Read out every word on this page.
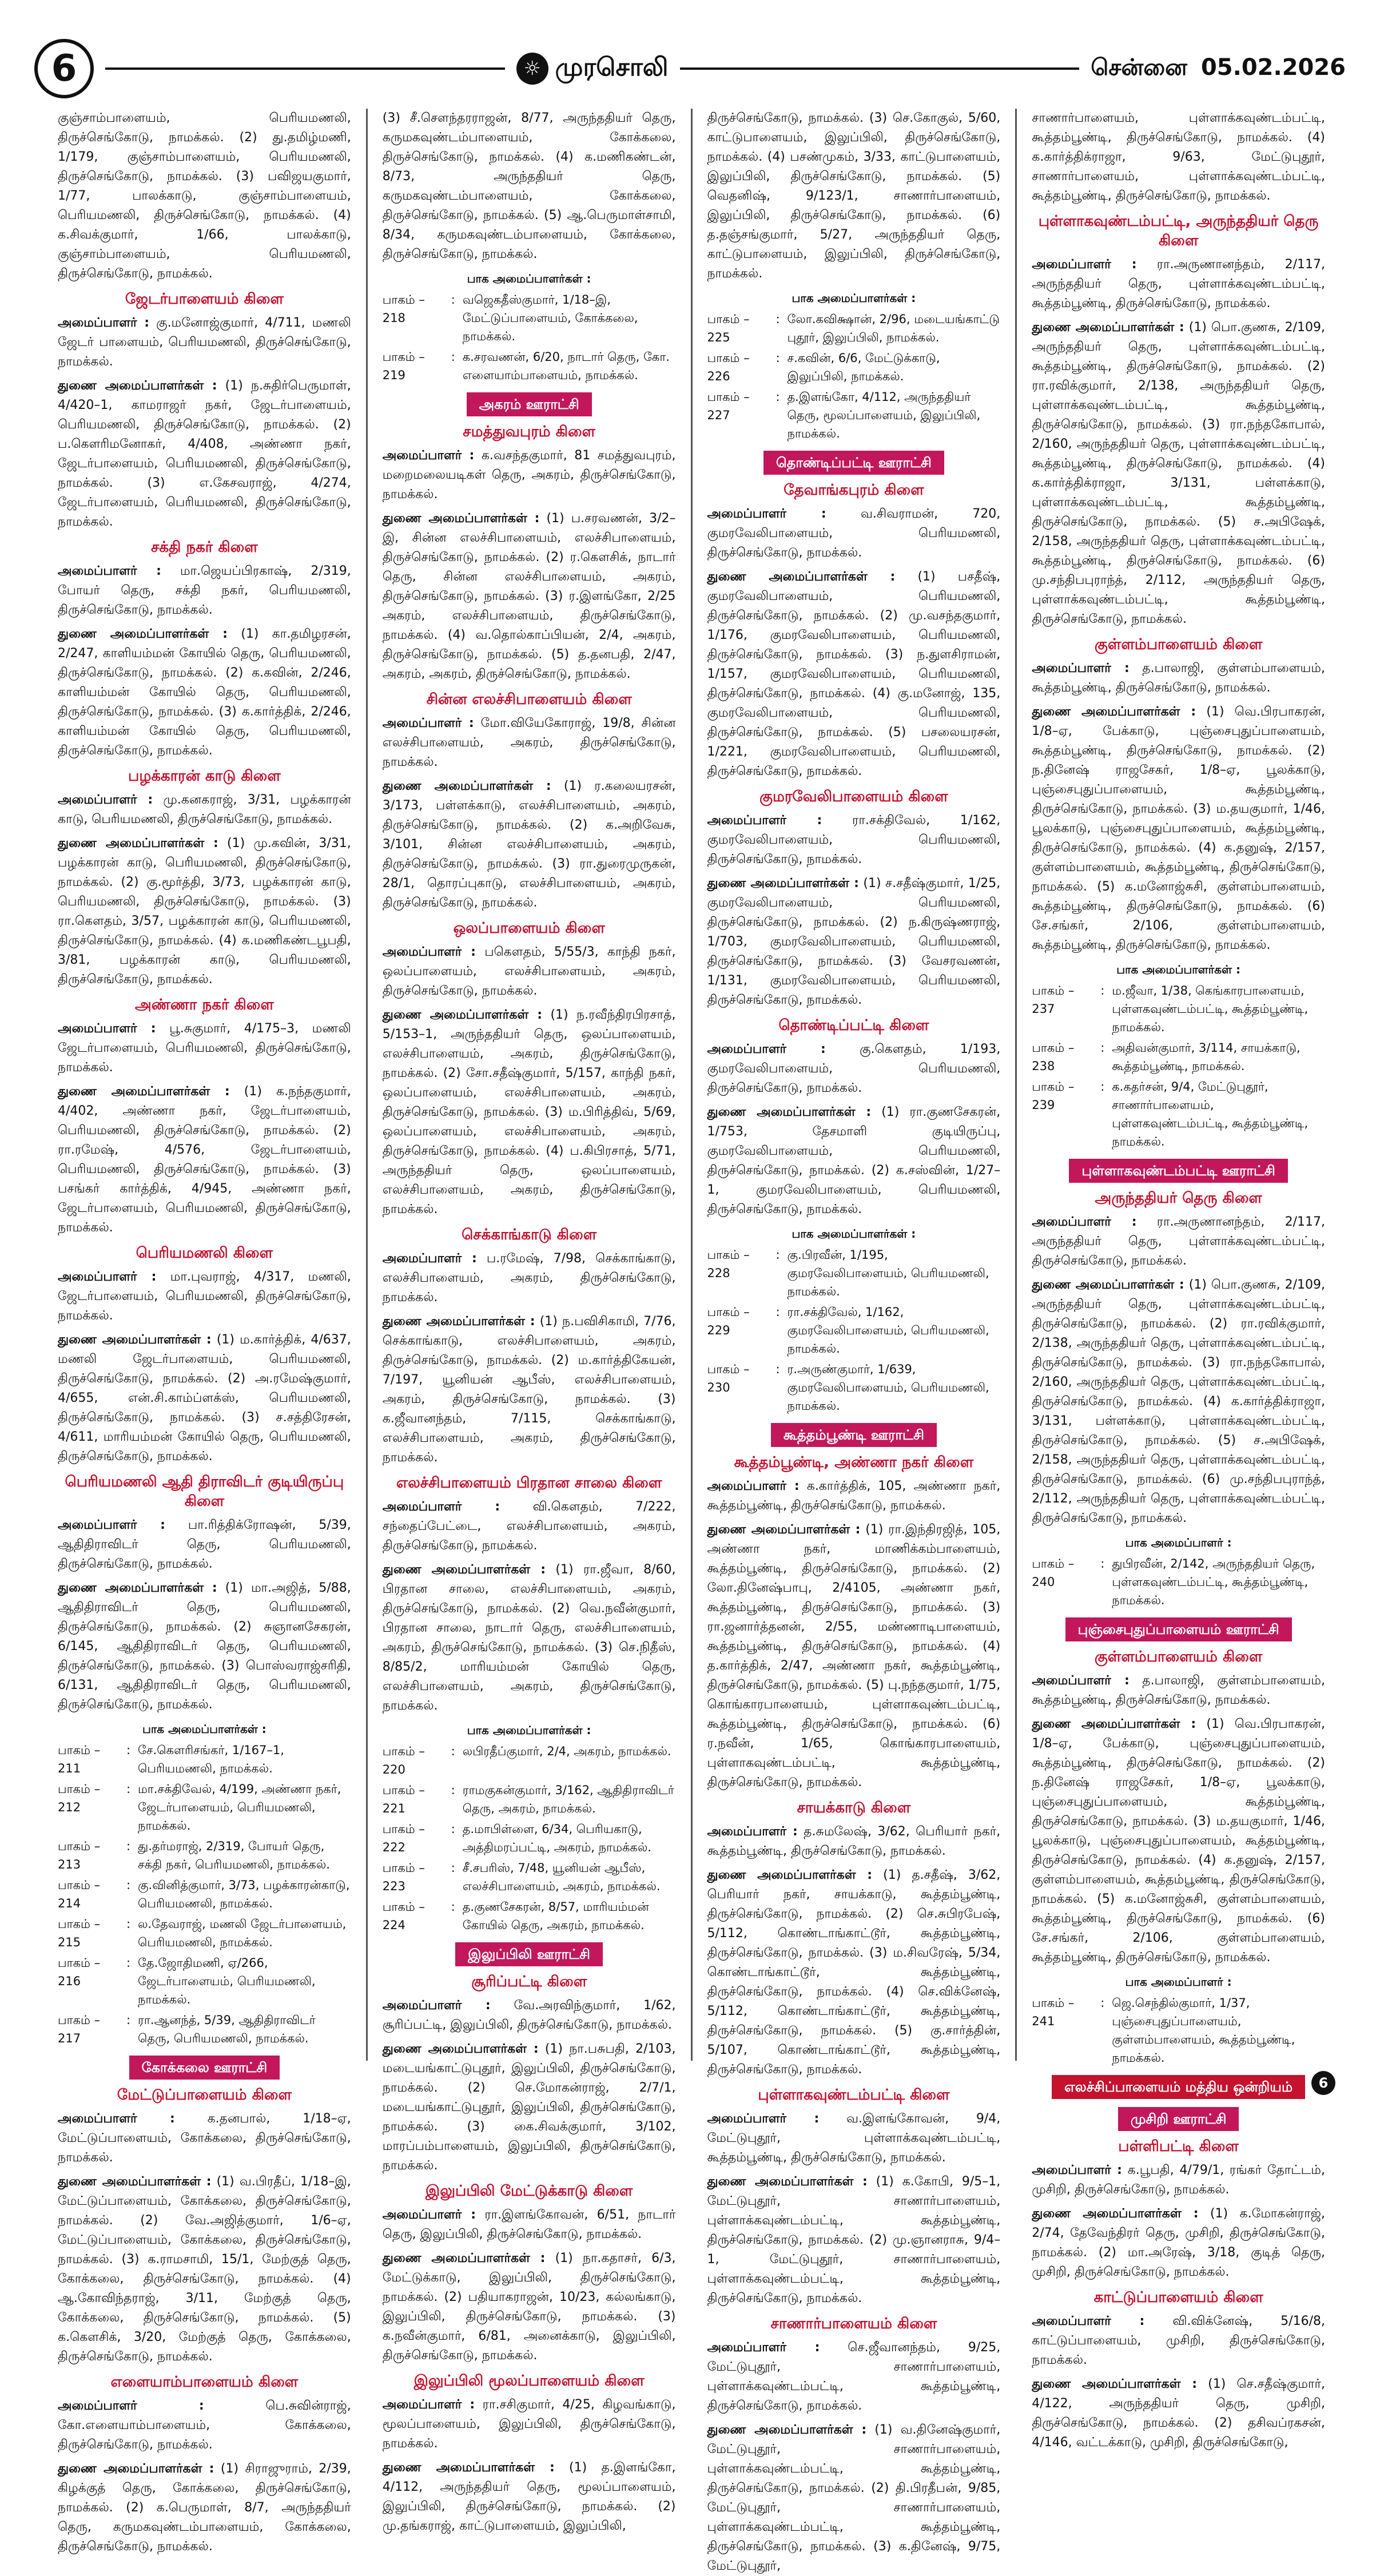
6	☼ முரசொலி	சென்னை 05.02.2026

குஞ்சாம்பாளையம், பெரியமணலி, திருச்செங்கோடு, நாமக்கல். (2) து.தமிழ்மணி, 1/179, குஞ்சாம்பாளையம், பெரியமணலி, திருச்செங்கோடு, நாமக்கல். (3) பவிஜயகுமார், 1/77, பாலக்காடு, குஞ்சாம்பாளையம், பெரியமணலி, திருச்செங்கோடு, நாமக்கல். (4) க.சிவக்குமார், 1/66, பாலக்காடு, குஞ்சாம்பாளையம், பெரியமணலி, திருச்செங்கோடு, நாமக்கல்.

ஜேடர்பாளையம் கிளை

அமைப்பாளர் : கு.மனோஜ்குமார், 4/711, மணலி ஜேடர் பாளையம், பெரியமணலி, திருச்செங்கோடு, நாமக்கல்.

துணை அமைப்பாளர்கள் : (1) ந.சுதிர்பெருமாள், 4/420–1, காமராஜர் நகர், ஜேடர்பாளையம், பெரியமணலி, திருச்செங்கோடு, நாமக்கல். (2) ப.கௌரிமனோகர், 4/408, அண்ணா நகர், ஜேடர்பாளையம், பெரியமணலி, திருச்செங்கோடு, நாமக்கல். (3) எ.கேசவராஜ், 4/274, ஜேடர்பாளையம், பெரியமணலி, திருச்செங்கோடு, நாமக்கல்.

சக்தி நகர் கிளை

அமைப்பாளர் : மா.ஜெயப்பிரகாஷ், 2/319, போயர் தெரு, சக்தி நகர், பெரியமணலி, திருச்செங்கோடு, நாமக்கல்.

துணை அமைப்பாளர்கள் : (1) கா.தமிழரசன், 2/247, காளியம்மன் கோயில் தெரு, பெரியமணலி, திருச்செங்கோடு, நாமக்கல். (2) க.கவின், 2/246, காளியம்மன் கோயில் தெரு, பெரியமணலி, திருச்செங்கோடு, நாமக்கல். (3) க.கார்த்திக், 2/246, காளியம்மன் கோயில் தெரு, பெரியமணலி, திருச்செங்கோடு, நாமக்கல்.

பழக்காரன் காடு கிளை

அமைப்பாளர் : மு.கனகராஜ், 3/31, பழக்காரன் காடு, பெரியமணலி, திருச்செங்கோடு, நாமக்கல்.

துணை அமைப்பாளர்கள் : (1) மு.கவின், 3/31, பழக்காரன் காடு, பெரியமணலி, திருச்செங்கோடு, நாமக்கல். (2) கு.மூர்த்தி, 3/73, பழக்காரன் காடு, பெரியமணலி, திருச்செங்கோடு, நாமக்கல். (3) ரா.கௌதம், 3/57, பழக்காரன் காடு, பெரியமணலி, திருச்செங்கோடு, நாமக்கல். (4) க.மணிகண்டபூபதி, 3/81, பழக்காரன் காடு, பெரியமணலி, திருச்செங்கோடு, நாமக்கல்.

அண்ணா நகர் கிளை

அமைப்பாளர் : பூ.சுகுமார், 4/175–3, மணலி ஜேடர்பாளையம், பெரியமணலி, திருச்செங்கோடு, நாமக்கல்.

துணை அமைப்பாளர்கள் : (1) க.நந்தகுமார், 4/402, அண்ணா நகர், ஜேடர்பாளையம், பெரியமணலி, திருச்செங்கோடு, நாமக்கல். (2) ரா.ரமேஷ், 4/576, ஜேடர்பாளையம், பெரியமணலி, திருச்செங்கோடு, நாமக்கல். (3) பசங்கர் கார்த்திக், 4/945, அண்ணா நகர், ஜேடர்பாளையம், பெரியமணலி, திருச்செங்கோடு, நாமக்கல்.

பெரியமணலி கிளை

அமைப்பாளர் : மா.புவராஜ், 4/317, மணலி, ஜேடர்பாளையம், பெரியமணலி, திருச்செங்கோடு, நாமக்கல்.

துணை அமைப்பாளர்கள் : (1) ம.கார்த்திக், 4/637, மணலி ஜேடர்பாளையம், பெரியமணலி, திருச்செங்கோடு, நாமக்கல். (2) அ.ரமேஷ்குமார், 4/655, என்.சி.காம்ப்ளக்ஸ், பெரியமணலி, திருச்செங்கோடு, நாமக்கல். (3) ச.சத்திரேசன், 4/611, மாரியம்மன் கோயில் தெரு, பெரியமணலி, திருச்செங்கோடு, நாமக்கல்.

பெரியமணலி ஆதி திராவிடர் குடியிருப்பு கிளை

அமைப்பாளர் : பா.ரித்திக்ரோஷன், 5/39, ஆதிதிராவிடர் தெரு, பெரியமணலி, திருச்செங்கோடு, நாமக்கல்.

துணை அமைப்பாளர்கள் : (1) மா.அஜித், 5/88, ஆதிதிராவிடர் தெரு, பெரியமணலி, திருச்செங்கோடு, நாமக்கல். (2) சுஞானசேகரன், 6/145, ஆதிதிராவிடர் தெரு, பெரியமணலி, திருச்செங்கோடு, நாமக்கல். (3) பொஸ்வராஜ்சரிதி, 6/131, ஆதிதிராவிடர் தெரு, பெரியமணலி, திருச்செங்கோடு, நாமக்கல்.

பாக அமைப்பாளர்கள் :
பாகம் – 211
: சே.கௌரிசங்கர், 1/167–1, பெரியமணலி, நாமக்கல்.
பாகம் – 212
: மா.சக்திவேல், 4/199, அண்ணா நகர், ஜேடர்பாளையம், பெரியமணலி, நாமக்கல்.
பாகம் – 213
: து.தர்மராஜ், 2/319, போயர் தெரு, சக்தி நகர், பெரியமணலி, நாமக்கல்.
பாகம் – 214
: கு.வினித்குமார், 3/73, பழக்காரன்காடு, பெரியமணலி, நாமக்கல்.
பாகம் – 215
: ல.தேவராஜ், மணலி ஜேடர்பாளையம், பெரியமணலி, நாமக்கல்.
பாகம் – 216
: தே.ஜோதிமணி, ஏ/266, ஜேடர்பாளையம், பெரியமணலி, நாமக்கல்.
பாகம் – 217
: ரா.ஆனந்த், 5/39, ஆதிதிராவிடர் தெரு, பெரியமணலி, நாமக்கல்.
கோக்கலை ஊராட்சி
மேட்டுப்பாளையம் கிளை

அமைப்பாளர் :	க.தனபால், 1/18–ஏ, மேட்டுப்பாளையம், கோக்கலை, திருச்செங்கோடு, நாமக்கல்.

துணை அமைப்பாளர்கள் : (1) வ.பிரதீப், 1/18–இ, மேட்டுப்பாளையம், கோக்கலை, திருச்செங்கோடு, நாமக்கல். (2) வே.அஜித்குமார், 1/6–ஏ, மேட்டுப்பாளையம், கோக்கலை, திருச்செங்கோடு, நாமக்கல். (3) க.ராமசாமி, 15/1, மேற்குத் தெரு, கோக்கலை, திருச்செங்கோடு, நாமக்கல். (4) ஆ.கோவிந்தராஜ், 3/11, மேற்குத் தெரு, கோக்கலை, திருச்செங்கோடு, நாமக்கல். (5) க.கௌசிக், 3/20, மேற்குத் தெரு, கோக்கலை, திருச்செங்கோடு, நாமக்கல்.

எளையாம்பாளையம் கிளை

அமைப்பாளர் :	பெ.சுவின்ராஜ், கோ.எளையாம்பாளையம், கோக்கலை, திருச்செங்கோடு, நாமக்கல்.

துணை அமைப்பாளர்கள் : (1) சிராஜுராம், 2/39, கிழக்குத் தெரு, கோக்கலை, திருச்செங்கோடு, நாமக்கல். (2) க.பெருமாள், 8/7, அருந்ததியர் தெரு, கருமகவுண்டம்பாளையம், கோக்கலை, திருச்செங்கோடு, நாமக்கல்.

(3) சீ.சௌந்தரராஜன், 8/77, அருந்ததியர் தெரு, கருமகவுண்டம்பாளையம், கோக்கலை, திருச்செங்கோடு, நாமக்கல். (4) க.மணிகண்டன், 8/73, அருந்ததியர் தெரு, கருமகவுண்டம்பாளையம், கோக்கலை, திருச்செங்கோடு, நாமக்கல். (5) ஆ.பெருமாள்சாமி, 8/34, கருமகவுண்டம்பாளையம், கோக்கலை, திருச்செங்கோடு, நாமக்கல்.

பாக அமைப்பாளர்கள் :
பாகம் – 218
: வஜெகதீஸ்குமார், 1/18–இ, மேட்டுப்பாளையம், கோக்கலை, நாமக்கல்.
பாகம் – 219
: க.சரவணன், 6/20, நாடார் தெரு, கோ. எளையாம்பாளையம், நாமக்கல்.
அகரம் ஊராட்சி
சமத்துவபுரம் கிளை

அமைப்பாளர் : க.வசந்தகுமார், 81 சமத்துவபுரம், மறைமலையடிகள் தெரு, அகரம், திருச்செங்கோடு, நாமக்கல்.

துணை அமைப்பாளர்கள் : (1) ப.சரவணன், 3/2–இ, சின்ன எலச்சிபாளையம், எலச்சிபாளையம், திருச்செங்கோடு, நாமக்கல். (2) ர.கௌசிக், நாடார் தெரு, சின்ன எலச்சிபாளையம், அகரம், திருச்செங்கோடு, நாமக்கல். (3) ர.இளங்கோ, 2/25 அகரம், எலச்சிபாளையம், திருச்செங்கோடு, நாமக்கல். (4) வ.தொல்காப்பியன், 2/4, அகரம், திருச்செங்கோடு, நாமக்கல். (5) த.தனபதி, 2/47, அகரம், அகரம், திருச்செங்கோடு, நாமக்கல்.

சின்ன எலச்சிபாளையம் கிளை

அமைப்பாளர் : மோ.வியேகோராஜ், 19/8, சின்ன எலச்சிபாளையம், அகரம், திருச்செங்கோடு, நாமக்கல்.

துணை அமைப்பாளர்கள் : (1) ர.கலையரசன், 3/173, பள்ளக்காடு, எலச்சிபாளையம், அகரம், திருச்செங்கோடு, நாமக்கல். (2) க.அறிவேசு, 3/101, சின்ன எலச்சிபாளையம், அகரம், திருச்செங்கோடு, நாமக்கல். (3) ரா.துரைமுருகன், 28/1, தொரப்புகாடு, எலச்சிபாளையம், அகரம், திருச்செங்கோடு, நாமக்கல்.

ஒலப்பாளையம் கிளை

அமைப்பாளர் : பகௌதம், 5/55/3, காந்தி நகர், ஒலப்பாளையம், எலச்சிபாளையம், அகரம், திருச்செங்கோடு, நாமக்கல்.

துணை அமைப்பாளர்கள் : (1) ந.ரவீந்திரபிரசாத், 5/153–1, அருந்ததியர் தெரு, ஒலப்பாளையம், எலச்சிபாளையம், அகரம், திருச்செங்கோடு, நாமக்கல். (2) சோ.சதீஷ்குமார், 5/157, காந்தி நகர், ஒலப்பாளையம், எலச்சிபாளையம், அகரம், திருச்செங்கோடு, நாமக்கல். (3) ம.பிரித்திவ், 5/69, ஒலப்பாளையம், எலச்சிபாளையம், அகரம், திருச்செங்கோடு, நாமக்கல். (4) ப.கிபிரசாத், 5/71, அருந்ததியர் தெரு, ஒலப்பாளையம், எலச்சிபாளையம், அகரம், திருச்செங்கோடு, நாமக்கல்.

செக்காங்காடு கிளை

அமைப்பாளர் : ப.ரமேஷ், 7/98, செக்காங்காடு, எலச்சிபாளையம், அகரம், திருச்செங்கோடு, நாமக்கல்.

துணை அமைப்பாளர்கள் : (1) ந.பவிசிகாமி, 7/76, செக்காங்காடு, எலச்சிபாளையம், அகரம், திருச்செங்கோடு, நாமக்கல். (2) ம.கார்த்திகேயன், 7/197, யூனியன் ஆபீஸ், எலச்சிபாளையம், அகரம், திருச்செங்கோடு, நாமக்கல். (3) க.ஜீவானந்தம், 7/115, செக்காங்காடு, எலச்சிபாளையம், அகரம், திருச்செங்கோடு, நாமக்கல்.

எலச்சிபாளையம் பிரதான சாலை கிளை

அமைப்பாளர் :	வி.கௌதம், 7/222, சந்தைப்பேட்டை, எலச்சிபாளையம், அகரம், திருச்செங்கோடு, நாமக்கல்.

துணை அமைப்பாளர்கள் : (1) ரா.ஜீவா, 8/60, பிரதான சாலை, எலச்சிபாளையம், அகரம், திருச்செங்கோடு, நாமக்கல். (2) வெ.நவீன்குமார், பிரதான சாலை, நாடார் தெரு, எலச்சிபாளையம், அகரம், திருச்செங்கோடு, நாமக்கல். (3) செ.நிதீஸ், 8/85/2, மாரியம்மன் கோயில் தெரு, எலச்சிபாளையம், அகரம், திருச்செங்கோடு, நாமக்கல்.

பாக அமைப்பாளர்கள் :
பாகம் – 220
: லபிரதீப்குமார், 2/4, அகரம், நாமக்கல்.
பாகம் – 221
: ராமகுகன்குமார், 3/162, ஆதிதிராவிடர் தெரு, அகரம், நாமக்கல்.
பாகம் – 222
: த.மாபிள்ளை, 6/34, பெரியகாடு, அத்திமரப்பட்டி, அகரம், நாமக்கல்.
பாகம் – 223
: சீ.சபரிஸ், 7/48, யூனியன் ஆபீஸ், எலச்சிபாளையம், அகரம், நாமக்கல்.
பாகம் – 224
: த.குணசேகரன், 8/57, மாரியம்மன் கோயில் தெரு, அகரம், நாமக்கல்.
இலுப்பிலி ஊராட்சி
சூரிப்பட்டி கிளை

அமைப்பாளர் : வே.அரவிந்குமார், 1/62, சூரிப்பட்டி, இலுப்பிலி, திருச்செங்கோடு, நாமக்கல்.

துணை அமைப்பாளர்கள் : (1) நா.பசுபதி, 2/103, மடையங்காட்டுபுதூர், இலுப்பிலி, திருச்செங்கோடு, நாமக்கல். (2) செ.மோகன்ராஜ், 2/7/1, மடையங்காட்டுபுதூர், இலுப்பிலி, திருச்செங்கோடு, நாமக்கல். (3) கை.சிவக்குமார், 3/102, மாரப்பம்பாளையம், இலுப்பிலி, திருச்செங்கோடு, நாமக்கல்.

இலுப்பிலி மேட்டுக்காடு கிளை

அமைப்பாளர் : ரா.இளங்கோவன், 6/51, நாடார் தெரு, இலுப்பிலி, திருச்செங்கோடு, நாமக்கல்.

துணை அமைப்பாளர்கள் : (1) நா.கதாசர், 6/3, மேட்டுக்காடு, இலுப்பிலி, திருச்செங்கோடு, நாமக்கல். (2) பதியாகராஜன், 10/23, கல்லங்காடு, இலுப்பிலி, திருச்செங்கோடு, நாமக்கல். (3) க.நவீன்குமார், 6/81, அனைக்காடு, இலுப்பிலி, திருச்செங்கோடு, நாமக்கல்.

இலுப்பிலி மூலப்பாளையம் கிளை

அமைப்பாளர் : ரா.சசிகுமார், 4/25, கிழவங்காடு, மூலப்பாளையம், இலுப்பிலி, திருச்செங்கோடு, நாமக்கல்.

துணை அமைப்பாளர்கள் : (1) த.இளங்கோ, 4/112, அருந்ததியர் தெரு, மூலப்பாளையம், இலுப்பிலி, திருச்செங்கோடு, நாமக்கல். (2) மு.தங்கராஜ், காட்டுபாளையம், இலுப்பிலி,

திருச்செங்கோடு, நாமக்கல். (3) செ.கோகுல், 5/60, காட்டுபாளையம், இலுப்பிலி, திருச்செங்கோடு, நாமக்கல். (4) பசண்முகம், 3/33, காட்டுபாளையம், இலுப்பிலி, திருச்செங்கோடு, நாமக்கல். (5) வெதனிஷ், 9/123/1, சாணார்பாளையம், இலுப்பிலி, திருச்செங்கோடு, நாமக்கல். (6) த.தஞ்சங்குமார், 5/27, அருந்ததியர் தெரு, காட்டுபாளையம், இலுப்பிலி, திருச்செங்கோடு, நாமக்கல்.

பாக அமைப்பாளர்கள் :
பாகம் – 225
: லோ.கவிக்ஷான், 2/96, மடையங்காட்டு புதூர், இலுப்பிலி, நாமக்கல்.
பாகம் – 226
: ச.கவின், 6/6, மேட்டுக்காடு, இலுப்பிலி, நாமக்கல்.
பாகம் – 227
: த.இளங்கோ, 4/112, அருந்ததியர் தெரு, மூலப்பாளையம், இலுப்பிலி, நாமக்கல்.
தொண்டிப்பட்டி ஊராட்சி
தேவாங்கபுரம் கிளை

அமைப்பாளர் :	வ.சிவராமன், 720, குமரவேலிபாளையம், பெரியமணலி, திருச்செங்கோடு, நாமக்கல்.

துணை அமைப்பாளர்கள் : (1) பசதீஷ், குமரவேலிபாளையம், பெரியமணலி, திருச்செங்கோடு, நாமக்கல். (2) மு.வசந்தகுமார், 1/176, குமரவேலிபாளையம், பெரியமணலி, திருச்செங்கோடு, நாமக்கல். (3) ந.துளசிராமன், 1/157, குமரவேலிபாளையம், பெரியமணலி, திருச்செங்கோடு, நாமக்கல். (4) கு.மனோஜ், 135, குமரவேலிபாளையம், பெரியமணலி, திருச்செங்கோடு, நாமக்கல். (5) பசலையரசன், 1/221, குமரவேலிபாளையம், பெரியமணலி, திருச்செங்கோடு, நாமக்கல்.

குமரவேலிபாளையம் கிளை

அமைப்பாளர் : ரா.சக்திவேல், 1/162, குமரவேலிபாளையம், பெரியமணலி, திருச்செங்கோடு, நாமக்கல்.

துணை அமைப்பாளர்கள் : (1) ச.சதீஷ்குமார், 1/25, குமரவேலிபாளையம், பெரியமணலி, திருச்செங்கோடு, நாமக்கல். (2) ந.கிருஷ்ணராஜ், 1/703, குமரவேலிபாளையம், பெரியமணலி, திருச்செங்கோடு, நாமக்கல். (3) வேசரவணன், 1/131, குமரவேலிபாளையம், பெரியமணலி, திருச்செங்கோடு, நாமக்கல்.

தொண்டிப்பட்டி கிளை

அமைப்பாளர் :	கு.கௌதம், 1/193, குமரவேலிபாளையம், பெரியமணலி, திருச்செங்கோடு, நாமக்கல்.

துணை அமைப்பாளர்கள் : (1) ரா.குணசேகரன், 1/753, தேசமாளி குடியிருப்பு, குமரவேலிபாளையம், பெரியமணலி, திருச்செங்கோடு, நாமக்கல். (2) க.சஸ்வின், 1/27–1, குமரவேலிபாளையம், பெரியமணலி, திருச்செங்கோடு, நாமக்கல்.

பாக அமைப்பாளர்கள் :
பாகம் – 228
: கு.பிரவீன், 1/195, குமரவேலிபாளையம், பெரியமணலி, நாமக்கல்.
பாகம் – 229
: ரா.சக்திவேல், 1/162, குமரவேலிபாளையம், பெரியமணலி, நாமக்கல்.
பாகம் – 230
: ர.அருண்குமார், 1/639, குமரவேலிபாளையம், பெரியமணலி, நாமக்கல்.
கூத்தம்பூண்டி ஊராட்சி
கூத்தம்பூண்டி, அண்ணா நகர் கிளை

அமைப்பாளர் : க.கார்த்திக், 105, அண்ணா நகர், கூத்தம்பூண்டி, திருச்செங்கோடு, நாமக்கல்.

துணை அமைப்பாளர்கள் : (1) ரா.இந்திரஜித், 105, அண்ணா நகர், மாணிக்கம்பாளையம், கூத்தம்பூண்டி, திருச்செங்கோடு, நாமக்கல். (2) லோ.தினேஷ்பாபு, 2/4105, அண்ணா நகர், கூத்தம்பூண்டி, திருச்செங்கோடு, நாமக்கல். (3) ரா.ஜனார்த்தனன், 2/55, மண்ணாடிபாளையம், கூத்தம்பூண்டி, திருச்செங்கோடு, நாமக்கல். (4) த.கார்த்திக், 2/47, அண்ணா நகர், கூத்தம்பூண்டி, திருச்செங்கோடு, நாமக்கல். (5) பு.நந்தகுமார், 1/75, கொங்காரபாளையம், புள்ளாகவுண்டம்பட்டி, கூத்தம்பூண்டி, திருச்செங்கோடு, நாமக்கல். (6) ர.நவீன், 1/65, கொங்காரபாளையம், புள்ளாகவுண்டம்பட்டி, கூத்தம்பூண்டி, திருச்செங்கோடு, நாமக்கல்.

சாயக்காடு கிளை

அமைப்பாளர் : த.சுமலேஷ், 3/62, பெரியார் நகர், கூத்தம்பூண்டி, திருச்செங்கோடு, நாமக்கல்.

துணை அமைப்பாளர்கள் : (1) த.சதீஷ், 3/62, பெரியார் நகர், சாயக்காடு, கூத்தம்பூண்டி, திருச்செங்கோடு, நாமக்கல். (2) செ.சுபிரபேஷ், 5/112, கொண்டாங்காட்டூர், கூத்தம்பூண்டி, திருச்செங்கோடு, நாமக்கல். (3) ம.சிவரேஷ், 5/34, கொண்டாங்காட்டூர், கூத்தம்பூண்டி, திருச்செங்கோடு, நாமக்கல். (4) செ.விக்னேஷ், 5/112, கொண்டாங்காட்டூர், கூத்தம்பூண்டி, திருச்செங்கோடு, நாமக்கல். (5) கு.சார்த்தின், 5/107, கொண்டாங்காட்டூர், கூத்தம்பூண்டி, திருச்செங்கோடு, நாமக்கல்.

புள்ளாகவுண்டம்பட்டி கிளை

அமைப்பாளர் : வ.இளங்கோவன், 9/4, மேட்டுபுதூர், புள்ளாக்கவுண்டம்பட்டி, கூத்தம்பூண்டி, திருச்செங்கோடு, நாமக்கல்.

துணை அமைப்பாளர்கள் : (1) க.கோபி, 9/5–1, மேட்டுபுதூர், சாணார்பாளையம், புள்ளாக்கவுண்டம்பட்டி, கூத்தம்பூண்டி, திருச்செங்கோடு, நாமக்கல். (2) மு.ஞானராசு, 9/4–1, மேட்டுபுதூர், சாணார்பாளையம், புள்ளாக்கவுண்டம்பட்டி, கூத்தம்பூண்டி, திருச்செங்கோடு, நாமக்கல்.

சாணார்பாளையம் கிளை

அமைப்பாளர் : செ.ஜீவானந்தம், 9/25, மேட்டுபுதூர், சாணார்பாளையம், புள்ளாக்கவுண்டம்பட்டி, கூத்தம்பூண்டி, திருச்செங்கோடு, நாமக்கல்.

துணை அமைப்பாளர்கள் : (1) வ.தினேஷ்குமார், மேட்டுபுதூர், சாணார்பாளையம், புள்ளாக்கவுண்டம்பட்டி, கூத்தம்பூண்டி, திருச்செங்கோடு, நாமக்கல். (2) தி.பிரதீபன், 9/85, மேட்டுபுதூர், சாணார்பாளையம், புள்ளாக்கவுண்டம்பட்டி, கூத்தம்பூண்டி, திருச்செங்கோடு, நாமக்கல். (3) க.தினேஷ், 9/75, மேட்டுபுதூர்,

சாணார்பாளையம், புள்ளாக்கவுண்டம்பட்டி, கூத்தம்பூண்டி, திருச்செங்கோடு, நாமக்கல். (4) க.கார்த்திக்ராஜா, 9/63, மேட்டுபுதூர், சாணார்பாளையம், புள்ளாக்கவுண்டம்பட்டி, கூத்தம்பூண்டி, திருச்செங்கோடு, நாமக்கல்.

புள்ளாகவுண்டம்பட்டி, அருந்ததியர் தெரு கிளை

அமைப்பாளர் : ரா.அருணானந்தம், 2/117, அருந்ததியர் தெரு, புள்ளாக்கவுண்டம்பட்டி, கூத்தம்பூண்டி, திருச்செங்கோடு, நாமக்கல்.

துணை அமைப்பாளர்கள் : (1) பொ.குணசு, 2/109, அருந்ததியர் தெரு, புள்ளாக்கவுண்டம்பட்டி, கூத்தம்பூண்டி, திருச்செங்கோடு, நாமக்கல். (2) ரா.ரவிக்குமார், 2/138, அருந்ததியர் தெரு, புள்ளாக்கவுண்டம்பட்டி, கூத்தம்பூண்டி, திருச்செங்கோடு, நாமக்கல். (3) ரா.நந்தகோபால், 2/160, அருந்ததியர் தெரு, புள்ளாக்கவுண்டம்பட்டி, கூத்தம்பூண்டி, திருச்செங்கோடு, நாமக்கல். (4) க.கார்த்திக்ராஜா, 3/131, பள்ளக்காடு, புள்ளாக்கவுண்டம்பட்டி, கூத்தம்பூண்டி, திருச்செங்கோடு, நாமக்கல். (5) ச.அபிஷேக், 2/158, அருந்ததியர் தெரு, புள்ளாக்கவுண்டம்பட்டி, கூத்தம்பூண்டி, திருச்செங்கோடு, நாமக்கல். (6) மு.சந்திபபுராந்த், 2/112, அருந்ததியர் தெரு, புள்ளாக்கவுண்டம்பட்டி, கூத்தம்பூண்டி, திருச்செங்கோடு, நாமக்கல்.

குள்ளம்பாளையம் கிளை

அமைப்பாளர் : த.பாலாஜி, குள்ளம்பாளையம், கூத்தம்பூண்டி, திருச்செங்கோடு, நாமக்கல்.

துணை அமைப்பாளர்கள் : (1) வெ.பிரபாகரன், 1/8–ஏ, பேக்காடு, புஞ்சைபுதுப்பாளையம், கூத்தம்பூண்டி, திருச்செங்கோடு, நாமக்கல். (2) ந.தினேஷ் ராஜசேகர், 1/8–ஏ, பூலக்காடு, புஞ்சைபுதுப்பாளையம், கூத்தம்பூண்டி, திருச்செங்கோடு, நாமக்கல். (3) ம.தயகுமார், 1/46, பூலக்காடு, புஞ்சைபுதுப்பாளையம், கூத்தம்பூண்டி, திருச்செங்கோடு, நாமக்கல். (4) க.தனுஷ், 2/157, குள்ளம்பாளையம், கூத்தம்பூண்டி, திருச்செங்கோடு, நாமக்கல். (5) க.மனோஜ்சுசி, குள்ளம்பாளையம், கூத்தம்பூண்டி, திருச்செங்கோடு, நாமக்கல். (6) சே.சங்கர், 2/106, குள்ளம்பாளையம், கூத்தம்பூண்டி, திருச்செங்கோடு, நாமக்கல்.

பாக அமைப்பாளர்கள் :
பாகம் – 237
: ம.ஜீவா, 1/38, கெங்காரபாளையம், புள்ளகவுண்டம்பட்டி, கூத்தம்பூண்டி, நாமக்கல்.
பாகம் – 238
: அதிவன்குமார், 3/114, சாயக்காடு, கூத்தம்பூண்டி, நாமக்கல்.
பாகம் – 239
: க.கதர்சன், 9/4, மேட்டுபுதூர், சாணார்பாளையம், புள்ளகவுண்டம்பட்டி, கூத்தம்பூண்டி, நாமக்கல்.
புள்ளாகவுண்டம்பட்டி ஊராட்சி
அருந்ததியர் தெரு கிளை

அமைப்பாளர் : ரா.அருணானந்தம், 2/117, அருந்ததியர் தெரு, புள்ளாக்கவுண்டம்பட்டி, திருச்செங்கோடு, நாமக்கல்.

துணை அமைப்பாளர்கள் : (1) பொ.குணசு, 2/109, அருந்ததியர் தெரு, புள்ளாக்கவுண்டம்பட்டி, திருச்செங்கோடு, நாமக்கல். (2) ரா.ரவிக்குமார், 2/138, அருந்ததியர் தெரு, புள்ளாக்கவுண்டம்பட்டி, திருச்செங்கோடு, நாமக்கல். (3) ரா.நந்தகோபால், 2/160, அருந்ததியர் தெரு, புள்ளாக்கவுண்டம்பட்டி, திருச்செங்கோடு, நாமக்கல். (4) க.கார்த்திக்ராஜா, 3/131, பள்ளக்காடு, புள்ளாக்கவுண்டம்பட்டி, திருச்செங்கோடு, நாமக்கல். (5) ச.அபிஷேக், 2/158, அருந்ததியர் தெரு, புள்ளாக்கவுண்டம்பட்டி, திருச்செங்கோடு, நாமக்கல். (6) மு.சந்திபபுராந்த், 2/112, அருந்ததியர் தெரு, புள்ளாக்கவுண்டம்பட்டி, திருச்செங்கோடு, நாமக்கல்.

பாக அமைப்பாளர் :
பாகம் – 240
: துபிரவீன், 2/142, அருந்ததியர் தெரு, புள்ளகவுண்டம்பட்டி, கூத்தம்பூண்டி, நாமக்கல்.
புஞ்சைபுதுப்பாளையம் ஊராட்சி
குள்ளம்பாளையம் கிளை

அமைப்பாளர் : த.பாலாஜி, குள்ளம்பாளையம், கூத்தம்பூண்டி, திருச்செங்கோடு, நாமக்கல்.

துணை அமைப்பாளர்கள் : (1) வெ.பிரபாகரன், 1/8–ஏ, பேக்காடு, புஞ்சைபுதுப்பாளையம், கூத்தம்பூண்டி, திருச்செங்கோடு, நாமக்கல். (2) ந.தினேஷ் ராஜசேகர், 1/8–ஏ, பூலக்காடு, புஞ்சைபுதுப்பாளையம், கூத்தம்பூண்டி, திருச்செங்கோடு, நாமக்கல். (3) ம.தயகுமார், 1/46, பூலக்காடு, புஞ்சைபுதுப்பாளையம், கூத்தம்பூண்டி, திருச்செங்கோடு, நாமக்கல். (4) க.தனுஷ், 2/157, குள்ளம்பாளையம், கூத்தம்பூண்டி, திருச்செங்கோடு, நாமக்கல். (5) க.மனோஜ்சுசி, குள்ளம்பாளையம், கூத்தம்பூண்டி, திருச்செங்கோடு, நாமக்கல். (6) சே.சங்கர், 2/106, குள்ளம்பாளையம், கூத்தம்பூண்டி, திருச்செங்கோடு, நாமக்கல்.

பாக அமைப்பாளர் :
பாகம் – 241
: ஜெ.செந்தில்குமார், 1/37, புஞ்சைபுதுப்பாளையம், குள்ளம்பாளையம், கூத்தம்பூண்டி, நாமக்கல்.
எலச்சிப்பாளையம் மத்திய ஒன்றியம்
முசிறி ஊராட்சி
பள்ளிபட்டி கிளை

அமைப்பாளர் : க.பூபதி, 4/79/1, ரங்கர் தோட்டம், முசிறி, திருச்செங்கோடு, நாமக்கல்.

துணை அமைப்பாளர்கள் : (1) க.மோகன்ராஜ், 2/74, தேவேந்திரர் தெரு, முசிறி, திருச்செங்கோடு, நாமக்கல். (2) மா.அரேஷ், 3/18, குடித் தெரு, முசிறி, திருச்செங்கோடு, நாமக்கல்.

காட்டுப்பாளையம் கிளை

அமைப்பாளர் : வி.விக்னேஷ், 5/16/8, காட்டுப்பாளையம், முசிறி, திருச்செங்கோடு, நாமக்கல்.

துணை அமைப்பாளர்கள் : (1) செ.சதீஷ்குமார், 4/122, அருந்ததியர் தெரு, முசிறி, திருச்செங்கோடு, நாமக்கல். (2) தசிவப்ரகசன், 4/146, வட்டக்காடு, முசிறி, திருச்செங்கோடு,

6
